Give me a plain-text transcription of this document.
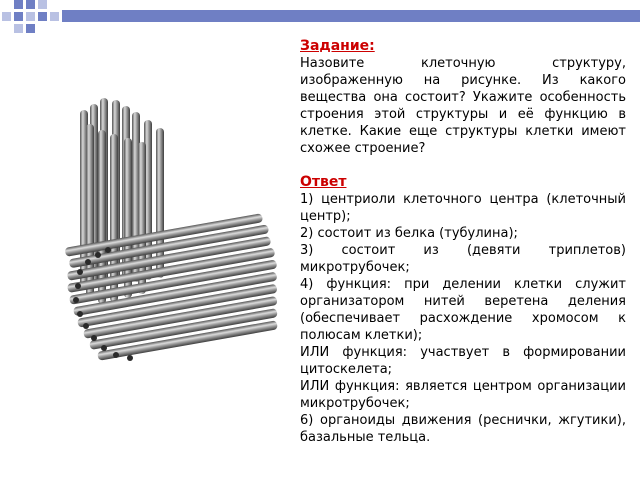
Задание:
Назовите клеточную структуру, изображенную на рисунке. Из какого вещества она состоит? Укажите особенность строения этой структуры и её функцию в клетке. Какие еще структуры клетки имеют схожее строение?
Ответ
1) центриоли клеточного центра (клеточный центр);
2) состоит из белка (тубулина);
3) состоит из (девяти триплетов) микротрубочек;
4) функция: при делении клетки служит организатором нитей веретена деления (обеспечивает расхождение хромосом к полюсам клетки);
ИЛИ функция: участвует в формировании цитоскелета;
ИЛИ функция: является центром организации микротрубочек;
6) органоиды движения (реснички, жгутики), базальные тельца.
